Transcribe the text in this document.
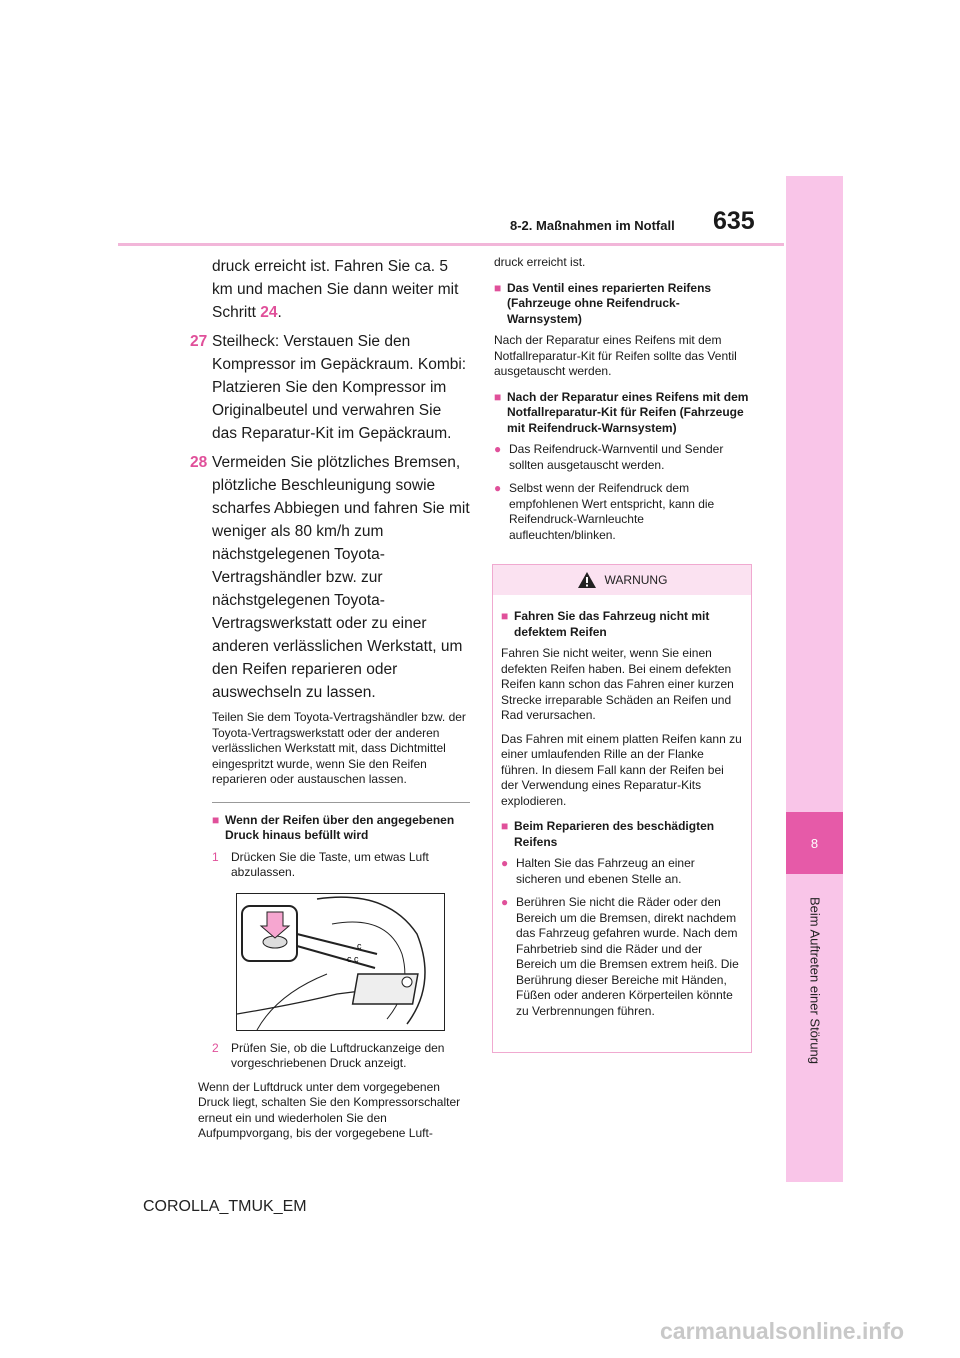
8
Beim Auftreten einer Störung
8-2. Maßnahmen im Notfall 635

druck erreicht ist. Fahren Sie ca. 5 km und machen Sie dann weiter mit Schritt 24.

27 Steilheck: Verstauen Sie den Kompressor im Gepäckraum. Kombi: Platzieren Sie den Kompressor im Originalbeutel und verwahren Sie das Reparatur-Kit im Gepäckraum.
28 Vermeiden Sie plötzliches Bremsen, plötzliche Beschleunigung sowie scharfes Abbiegen und fahren Sie mit weniger als 80 km/h zum nächstgelegenen Toyota-Vertragshändler bzw. zur nächstgelegenen Toyota-Vertragswerkstatt oder zu einer anderen verlässlichen Werkstatt, um den Reifen reparieren oder auswechseln zu lassen.

Teilen Sie dem Toyota-Vertragshändler bzw. der Toyota-Vertragswerkstatt oder der anderen verlässlichen Werkstatt mit, dass Dichtmittel eingespritzt wurde, wenn Sie den Reifen reparieren oder austauschen lassen.

■ Wenn der Reifen über den angegebenen Druck hinaus befüllt wird
1	Drücken Sie die Taste, um etwas Luft abzulassen.
c
c c
2	Prüfen Sie, ob die Luftdruckanzeige den vorgeschriebenen Druck anzeigt.

Wenn der Luftdruck unter dem vorgegebenen Druck liegt, schalten Sie den Kompressorschalter erneut ein und wiederholen Sie den Aufpumpvorgang, bis der vorgegebene Luft-

druck erreicht ist.

■ Das Ventil eines reparierten Reifens (Fahrzeuge ohne Reifendruck-Warnsystem)

Nach der Reparatur eines Reifens mit dem Notfallreparatur-Kit für Reifen sollte das Ventil ausgetauscht werden.

■ Nach der Reparatur eines Reifens mit dem Notfallreparatur-Kit für Reifen (Fahrzeuge mit Reifendruck-Warnsystem)
● Das Reifendruck-Warnventil und Sender sollten ausgetauscht werden.
● Selbst wenn der Reifendruck dem empfohlenen Wert entspricht, kann die Reifendruck-Warnleuchte aufleuchten/blinken.
WARNUNG
■ Fahren Sie das Fahrzeug nicht mit defektem Reifen

Fahren Sie nicht weiter, wenn Sie einen defekten Reifen haben. Bei einem defekten Reifen kann schon das Fahren einer kurzen Strecke irreparable Schäden an Reifen und Rad verursachen.

Das Fahren mit einem platten Reifen kann zu einer umlaufenden Rille an der Flanke führen. In diesem Fall kann der Reifen bei der Verwendung eines Reparatur-Kits explodieren.

■ Beim Reparieren des beschädigten Reifens
● Halten Sie das Fahrzeug an einer sicheren und ebenen Stelle an.
● Berühren Sie nicht die Räder oder den Bereich um die Bremsen, direkt nachdem das Fahrzeug gefahren wurde. Nach dem Fahrbetrieb sind die Räder und der Bereich um die Bremsen extrem heiß. Die Berührung dieser Bereiche mit Händen, Füßen oder anderen Körperteilen könnte zu Verbrennungen führen.
COROLLA_TMUK_EM
carmanualsonline.info
